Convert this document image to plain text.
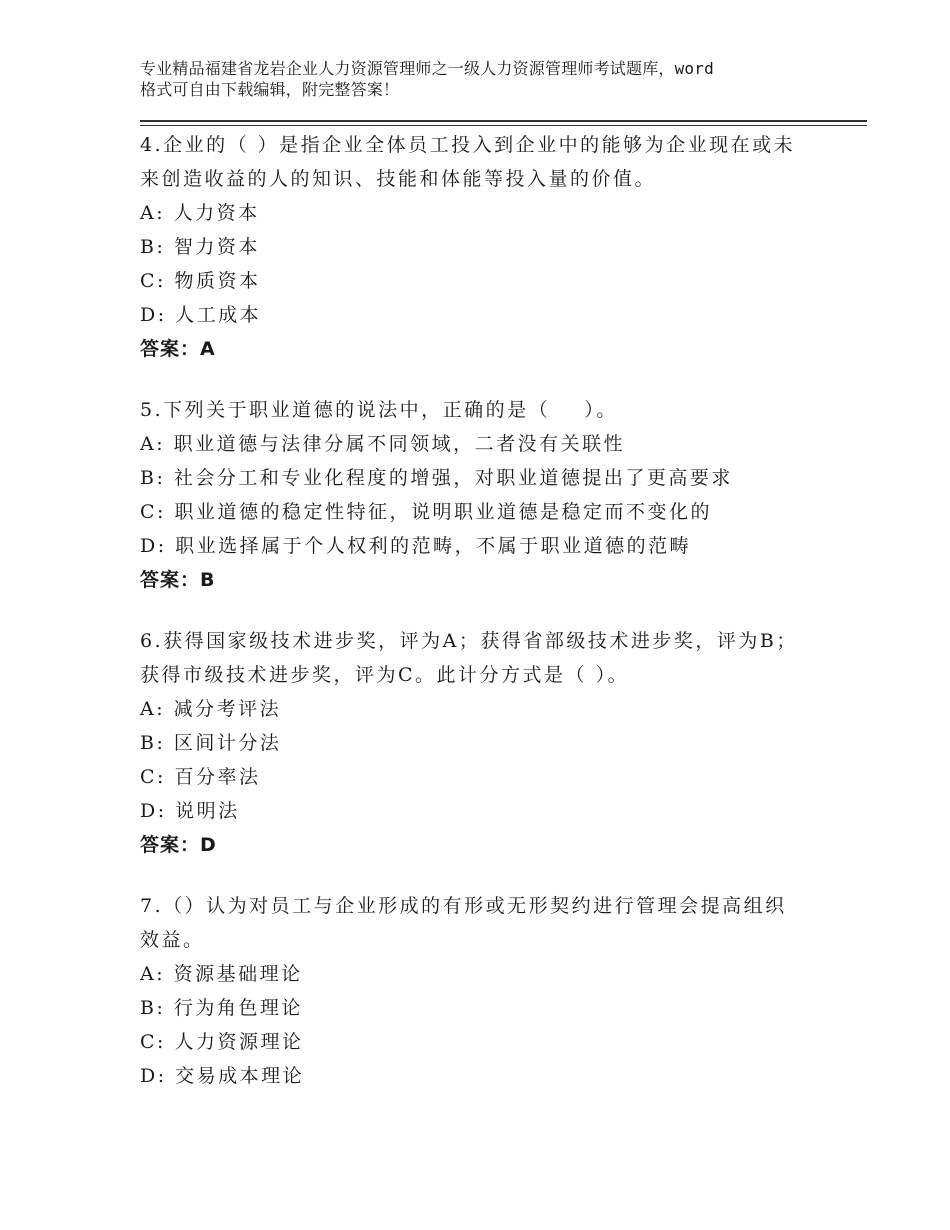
专业精品福建省龙岩企业人力资源管理师之一级人力资源管理师考试题库，word
格式可自由下载编辑，附完整答案！
4.企业的（ ）是指企业全体员工投入到企业中的能够为企业现在或未
来创造收益的人的知识、技能和体能等投入量的价值。
A: 人力资本
B: 智力资本
C: 物质资本
D: 人工成本
答案：A
5.下列关于职业道德的说法中，正确的是（    ）。
A: 职业道德与法律分属不同领域，二者没有关联性
B: 社会分工和专业化程度的增强，对职业道德提出了更高要求
C: 职业道德的稳定性特征，说明职业道德是稳定而不变化的
D: 职业选择属于个人权利的范畴，不属于职业道德的范畴
答案：B
6.获得国家级技术进步奖，评为A；获得省部级技术进步奖，评为B；
获得市级技术进步奖，评为C。此计分方式是（ ）。
A: 减分考评法
B: 区间计分法
C: 百分率法
D: 说明法
答案：D
7.（）认为对员工与企业形成的有形或无形契约进行管理会提高组织
效益。
A: 资源基础理论
B: 行为角色理论
C: 人力资源理论
D: 交易成本理论
